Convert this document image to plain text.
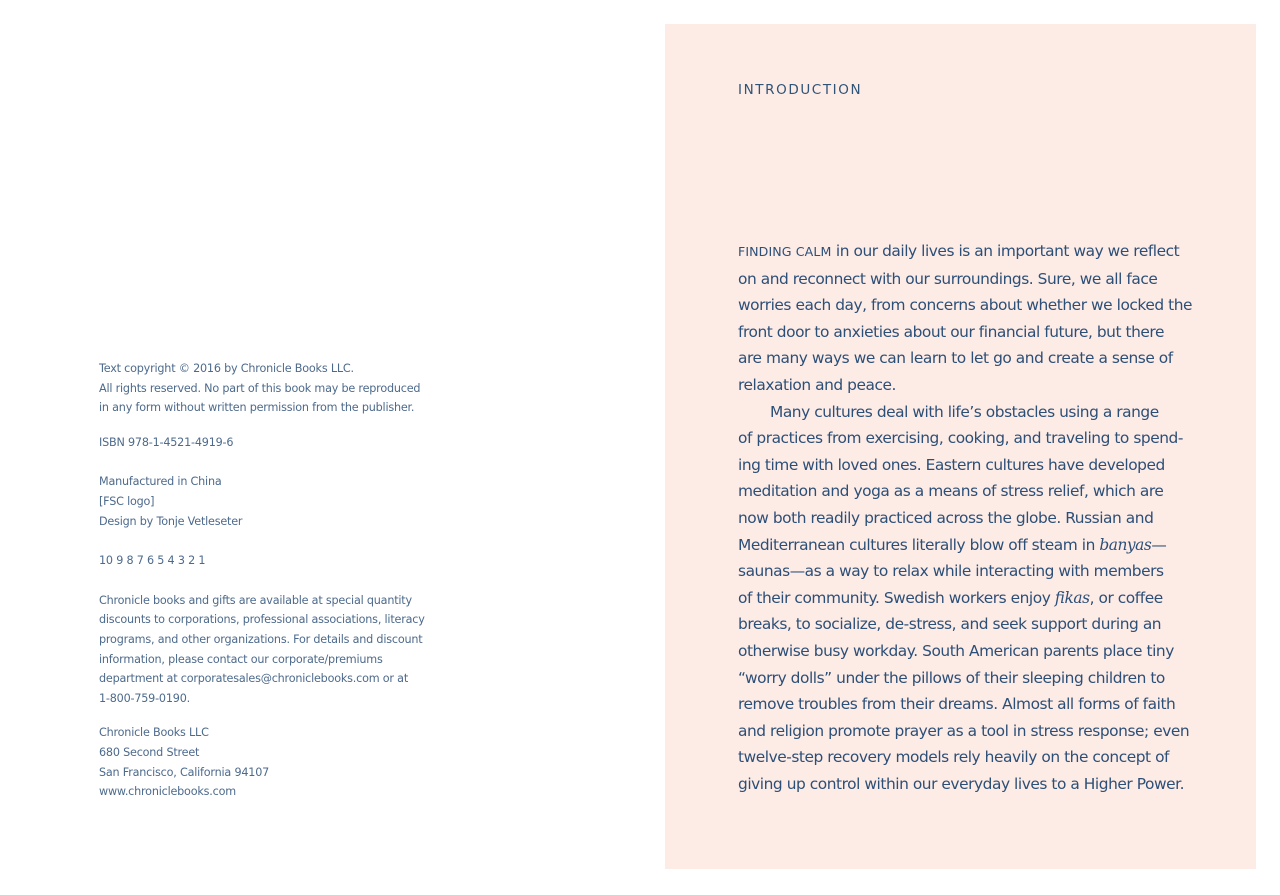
Text copyright © 2016 by Chronicle Books LLC.
All rights reserved. No part of this book may be reproduced
in any form without written permission from the publisher.

ISBN 978-1-4521-4919-6

Manufactured in China
[FSC logo]
Design by Tonje Vetleseter

10 9 8 7 6 5 4 3 2 1

Chronicle books and gifts are available at special quantity
discounts to corporations, professional associations, literacy
programs, and other organizations. For details and discount
information, please contact our corporate/premiums
department at corporatesales@chroniclebooks.com or at
1-800-759-0190.

Chronicle Books LLC
680 Second Street
San Francisco, California 94107
www.chroniclebooks.com

INTRODUCTION
FINDING CALM in our daily lives is an important way we reflect
on and reconnect with our surroundings. Sure, we all face
worries each day, from concerns about whether we locked the
front door to anxieties about our financial future, but there
are many ways we can learn to let go and create a sense of
relaxation and peace.
Many cultures deal with life’s obstacles using a range
of practices from exercising, cooking, and traveling to spend-
ing time with loved ones. Eastern cultures have developed
meditation and yoga as a means of stress relief, which are
now both readily practiced across the globe. Russian and
Mediterranean cultures literally blow off steam in banyas—
saunas—as a way to relax while interacting with members
of their community. Swedish workers enjoy fikas, or coffee
breaks, to socialize, de-stress, and seek support during an
otherwise busy workday. South American parents place tiny
“worry dolls” under the pillows of their sleeping children to
remove troubles from their dreams. Almost all forms of faith
and religion promote prayer as a tool in stress response; even
twelve-step recovery models rely heavily on the concept of
giving up control within our everyday lives to a Higher Power.
